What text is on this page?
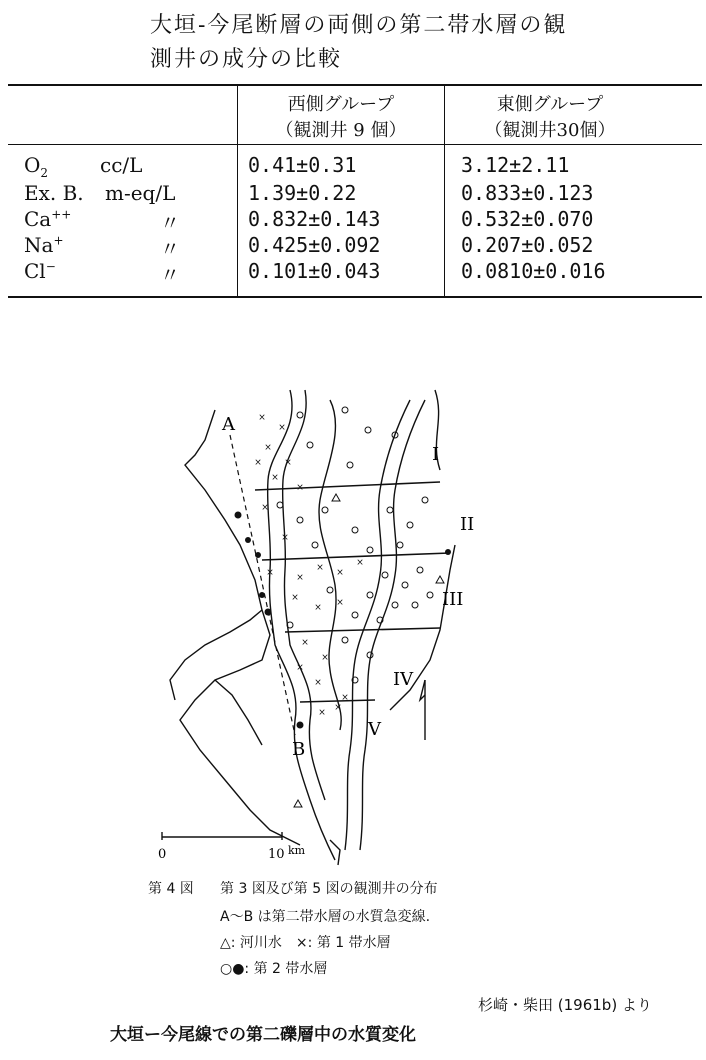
大垣-今尾断層の両側の第二帯水層の観
測井の成分の比較
西側グループ
（観測井 9 個）
東側グループ
（観測井30個）
$O_2$	cc/L	0.41±0.31	3.12±2.11
Ex. B. m-eq/L	1.39±0.22	0.833±0.123
Ca++	〃	0.832±0.143	0.532±0.070
Na+	〃	0.425±0.092	0.207±0.052
Cl−	〃	0.101±0.043	0.0810±0.016
×
×
×
× ×
×
×
×
×
× ×
× ×
×
×
× ×
×
×
×
×
×
×
×
I
II
III
IV
V
A
B
0	10 km
第 4 図 第 3 図及び第 5 図の観測井の分布
A～B は第二帯水層の水質急変線.
△: 河川水　×: 第 1 帯水層
○●: 第 2 帯水層
杉崎・柴田 (1961b) より
大垣ー今尾線での第二礫層中の水質変化
